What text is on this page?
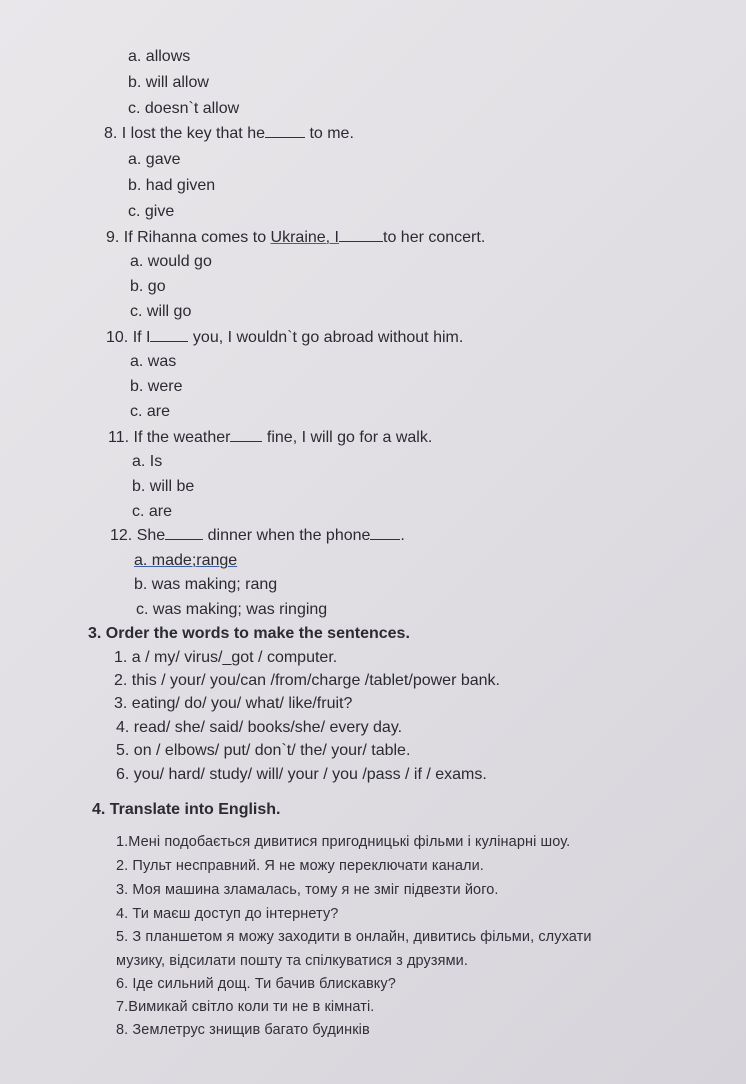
a. allows
b. will allow
c. doesn`t allow
8. I lost the key that he	to me.
a. gave
b. had given
c. give
9. If Rihanna comes to Ukraine, I	to her concert.
a. would go
b. go
c. will go
10. If I	you, I wouldn`t go abroad without him.
a. was
b. were
c. are
11. If the weather fine, I will go for a walk.
a. Is
b. will be
c. are
12. She	dinner when the phone .
a. made;range
b. was making; rang
c. was making; was ringing
3. Order the words to make the sentences.
1. a / my/ virus/_got / computer.
2. this / your/ you/can /from/charge /tablet/power bank.
3. eating/ do/ you/ what/ like/fruit?
4. read/ she/ said/ books/she/ every day.
5. on / elbows/ put/ don`t/ the/ your/ table.
6. you/ hard/ study/ will/ your / you /pass / if / exams.
4. Translate into English.
1.Мені подобається дивитися пригодницькі фільми і кулінарні шоу.
2. Пульт несправний. Я не можу переключати канали.
3. Моя машина зламалась, тому я не зміг підвезти його.
4. Ти маєш доступ до інтернету?
5. З планшетом я можу заходити в онлайн, дивитись фільми, слухати
музику, відсилати пошту та спілкуватися з друзями.
6. Іде сильний дощ. Ти бачив блискавку?
7.Вимикай світло коли ти не в кімнаті.
8. Землетрус знищив багато будинків
